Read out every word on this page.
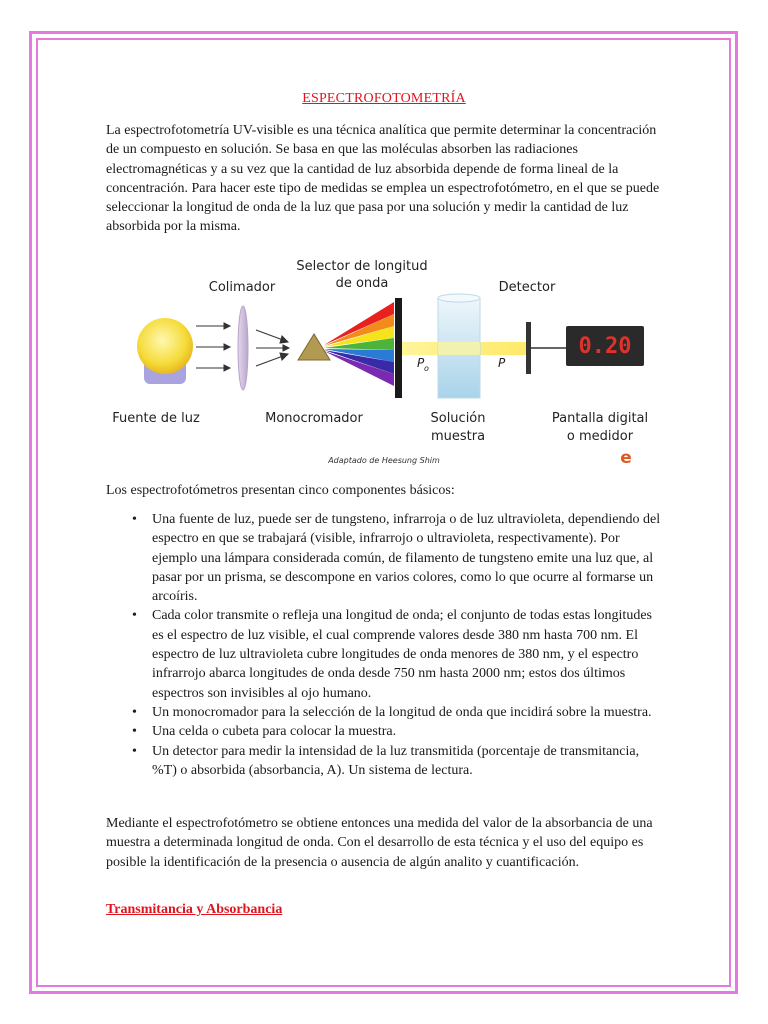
ESPECTROFOTOMETRÍA

La espectrofotometría UV-visible es una técnica analítica que permite determinar la concentración de un compuesto en solución. Se basa en que las moléculas absorben las radiaciones electromagnéticas y a su vez que la cantidad de luz absorbida depende de forma lineal de la concentración. Para hacer este tipo de medidas se emplea un espectrofotómetro, en el que se puede seleccionar la longitud de onda de la luz que pasa por una solución y medir la cantidad de luz absorbida por la misma.

Selector de longitud
de onda
Colimador	Detector
P o	P
0.20
Fuente de luz	Monocromador	Solución
muestra
Pantalla digital
o medidor
Adaptado de Heesung Shim	e

Los espectrofotómetros presentan cinco componentes básicos:

• Una fuente de luz, puede ser de tungsteno, infrarroja o de luz ultravioleta, dependiendo del espectro en que se trabajará (visible, infrarrojo o ultravioleta, respectivamente). Por ejemplo una lámpara considerada común, de filamento de tungsteno emite una luz que, al pasar por un prisma, se descompone en varios colores, como lo que ocurre al formarse un arcoíris.
• Cada color transmite o refleja una longitud de onda; el conjunto de todas estas longitudes es el espectro de luz visible, el cual comprende valores desde 380 nm hasta 700 nm. El espectro de luz ultravioleta cubre longitudes de onda menores de 380 nm, y el espectro infrarrojo abarca longitudes de onda desde 750 nm hasta 2000 nm; estos dos últimos espectros son invisibles al ojo humano.
• Un monocromador para la selección de la longitud de onda que incidirá sobre la muestra.
• Una celda o cubeta para colocar la muestra.
• Un detector para medir la intensidad de la luz transmitida (porcentaje de transmitancia, %T) o absorbida (absorbancia, A). Un sistema de lectura.

Mediante el espectrofotómetro se obtiene entonces una medida del valor de la absorbancia de una muestra a determinada longitud de onda. Con el desarrollo de esta técnica y el uso del equipo es posible la identificación de la presencia o ausencia de algún analito y cuantificación.

Transmitancia y Absorbancia
